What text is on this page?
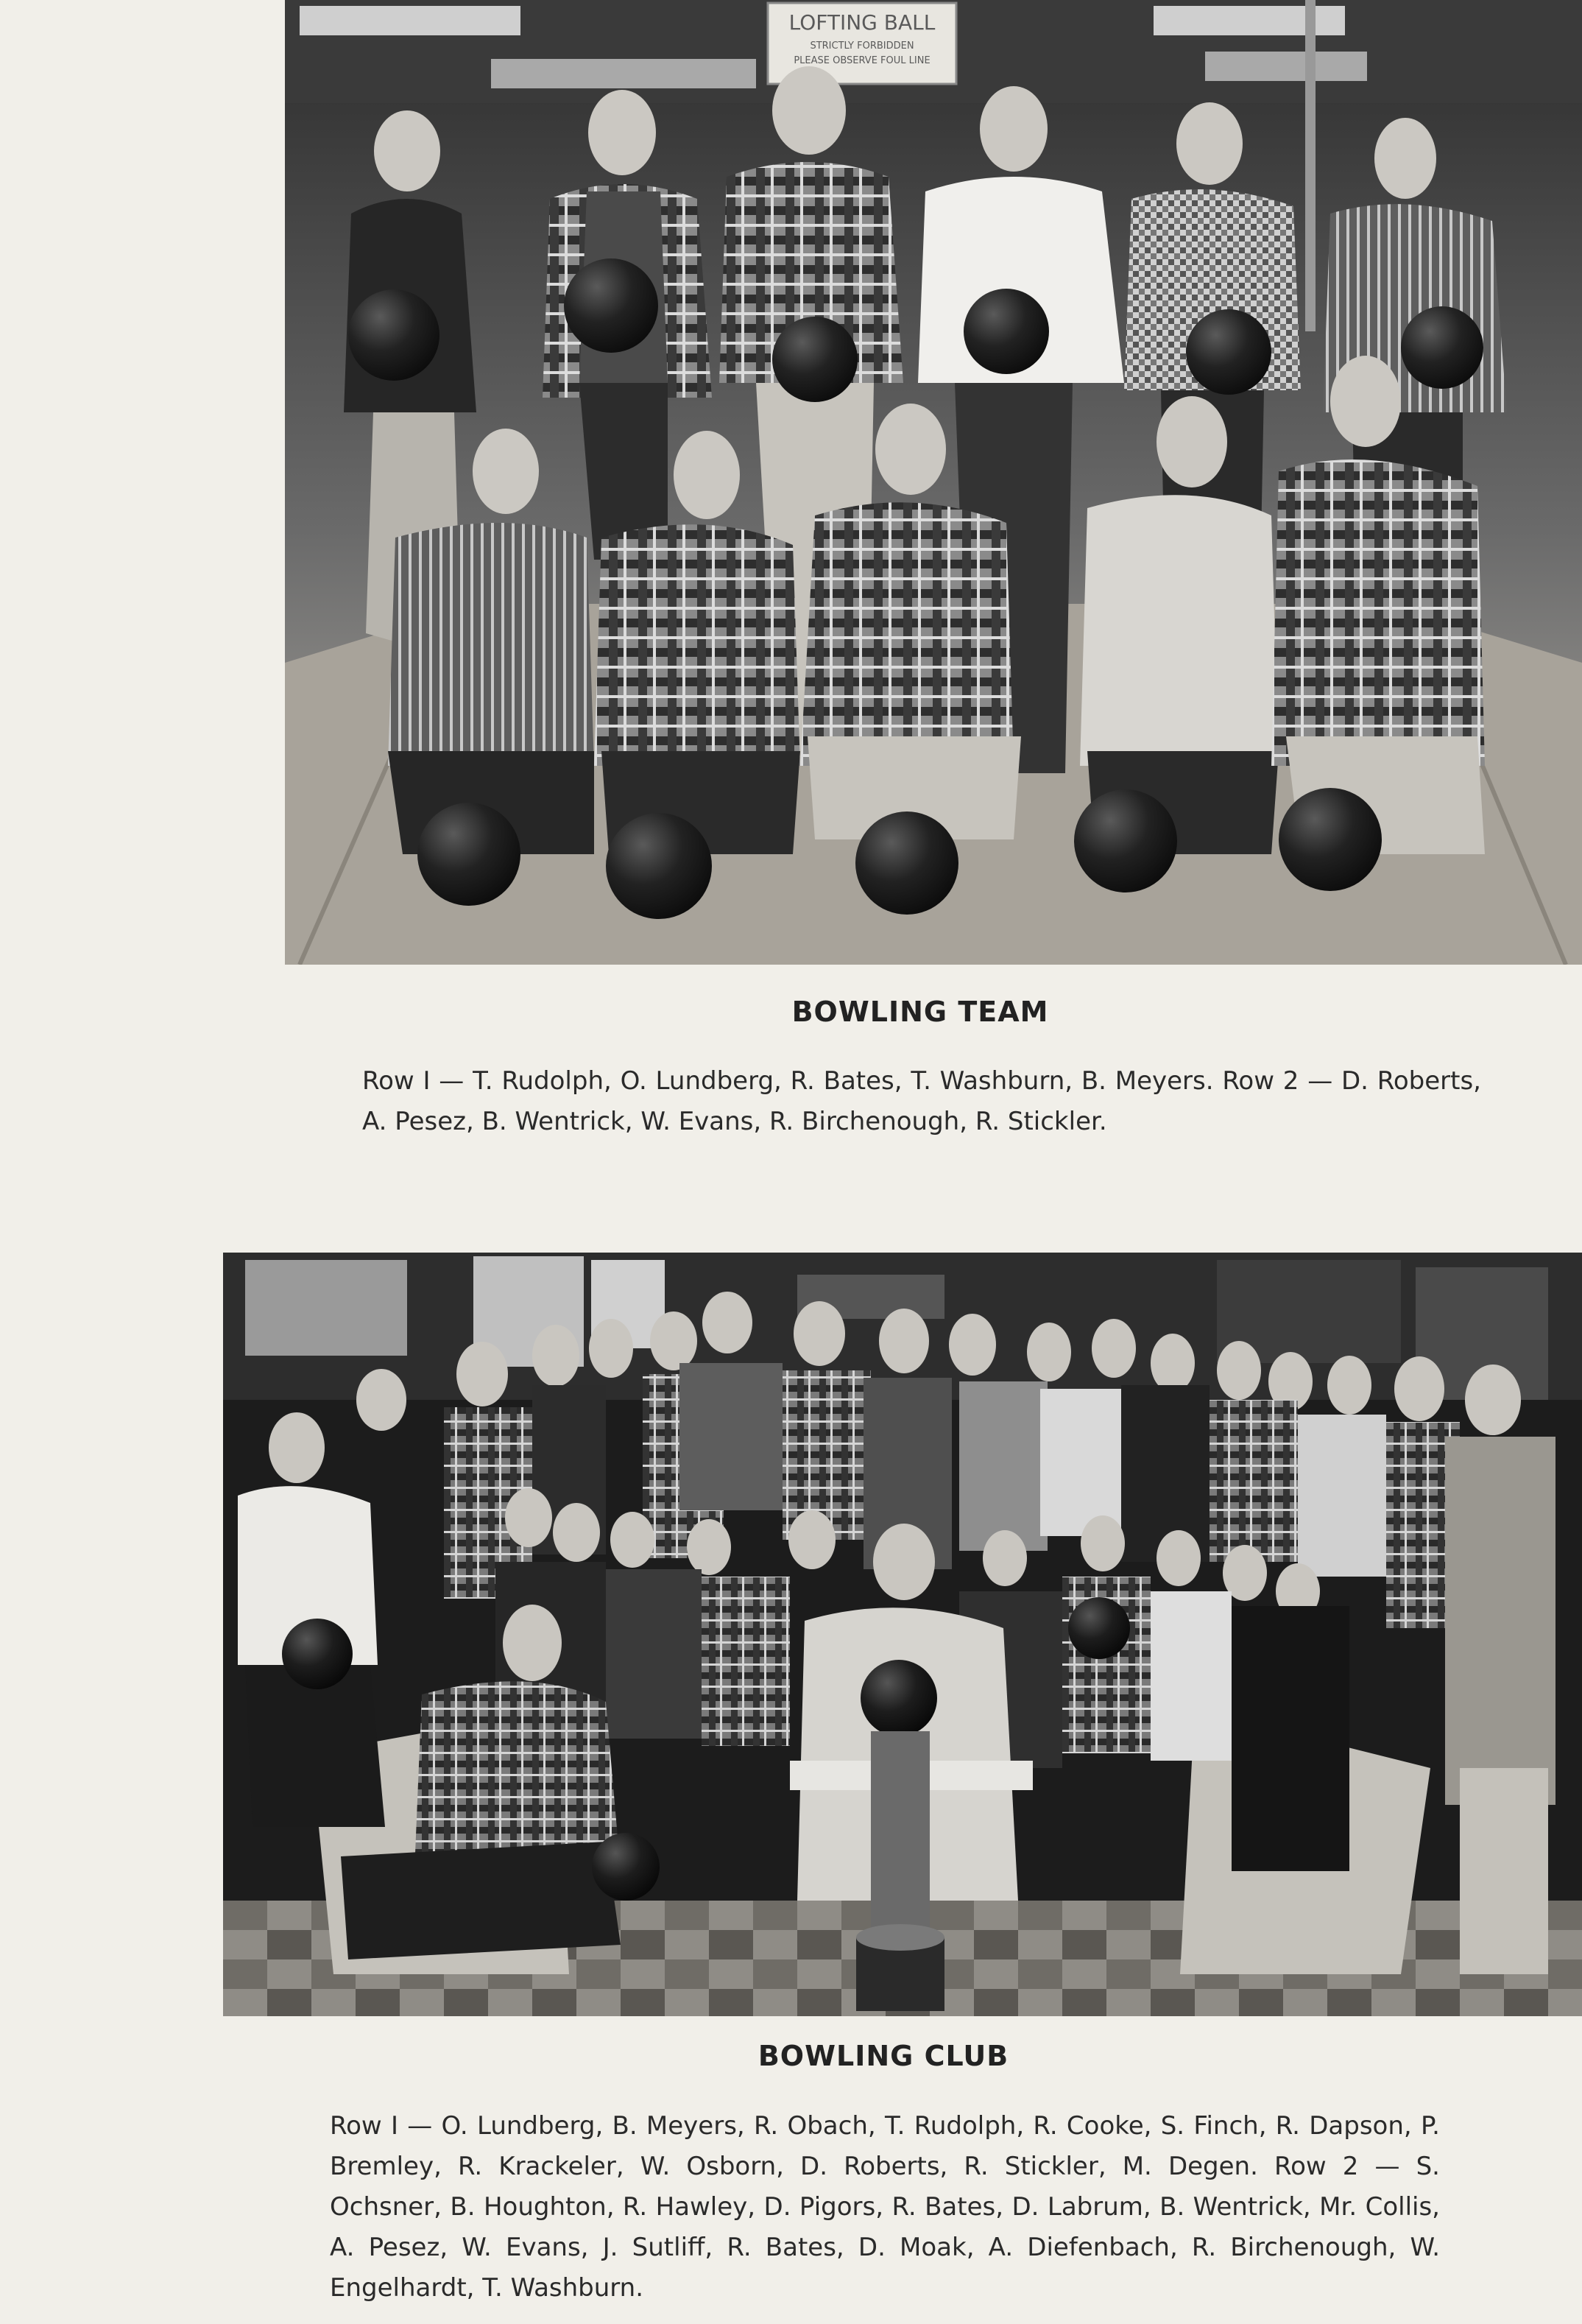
LOFTING BALL
STRICTLY FORBIDDEN
PLEASE OBSERVE FOUL LINE
BOWLING TEAM
Row I — T. Rudolph, O. Lundberg, R. Bates, T. Washburn, B. Meyers. Row 2 — D. Roberts, A. Pesez, B. Wentrick, W. Evans, R. Birchenough, R. Stickler.
BOWLING CLUB
Row I — O. Lundberg, B. Meyers, R. Obach, T. Rudolph, R. Cooke, S. Finch, R. Dapson, P. Bremley, R. Krackeler, W. Osborn, D. Roberts, R. Stickler, M. Degen. Row 2 — S. Ochsner, B. Houghton, R. Hawley, D. Pigors, R. Bates, D. Labrum, B. Wentrick, Mr. Collis, A. Pesez, W. Evans, J. Sutliff, R. Bates, D. Moak, A. Diefenbach, R. Birchenough, W. Engelhardt, T. Washburn.
